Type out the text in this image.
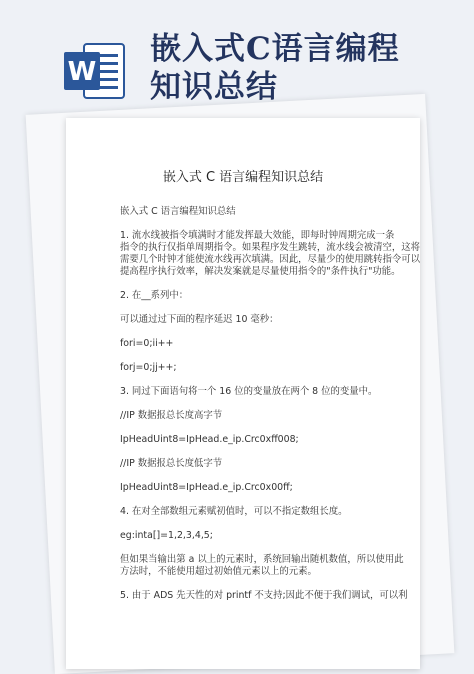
W
嵌入式C语言编程
知识总结
嵌入式 C 语言编程知识总结
嵌入式 C 语言编程知识总结
1. 流水线被指令填满时才能发挥最大效能，即每时钟周期完成一条
指令的执行仅指单周期指令。如果程序发生跳转，流水线会被清空，这将
需要几个时钟才能使流水线再次填满。因此，尽量少的使用跳转指令可以
提高程序执行效率，解决发案就是尽量使用指令的"条件执行"功能。
2. 在__系列中：
可以通过过下面的程序延迟 10 毫秒：
fori=0;ii++
forj=0;jj++;
3. 同过下面语句将一个 16 位的变量放在两个 8 位的变量中。
//IP 数据报总长度高字节
IpHeadUint8=IpHead.e_ip.Crc0xff008;
//IP 数据报总长度低字节
IpHeadUint8=IpHead.e_ip.Crc0x00ff;
4. 在对全部数组元素赋初值时，可以不指定数组长度。
eg:inta[]=1,2,3,4,5;
但如果当输出第 a 以上的元素时，系统回输出随机数值，所以使用此
方法时，不能使用超过初始值元素以上的元素。
5. 由于 ADS 先天性的对 printf 不支持;因此不便于我们调试，可以利
